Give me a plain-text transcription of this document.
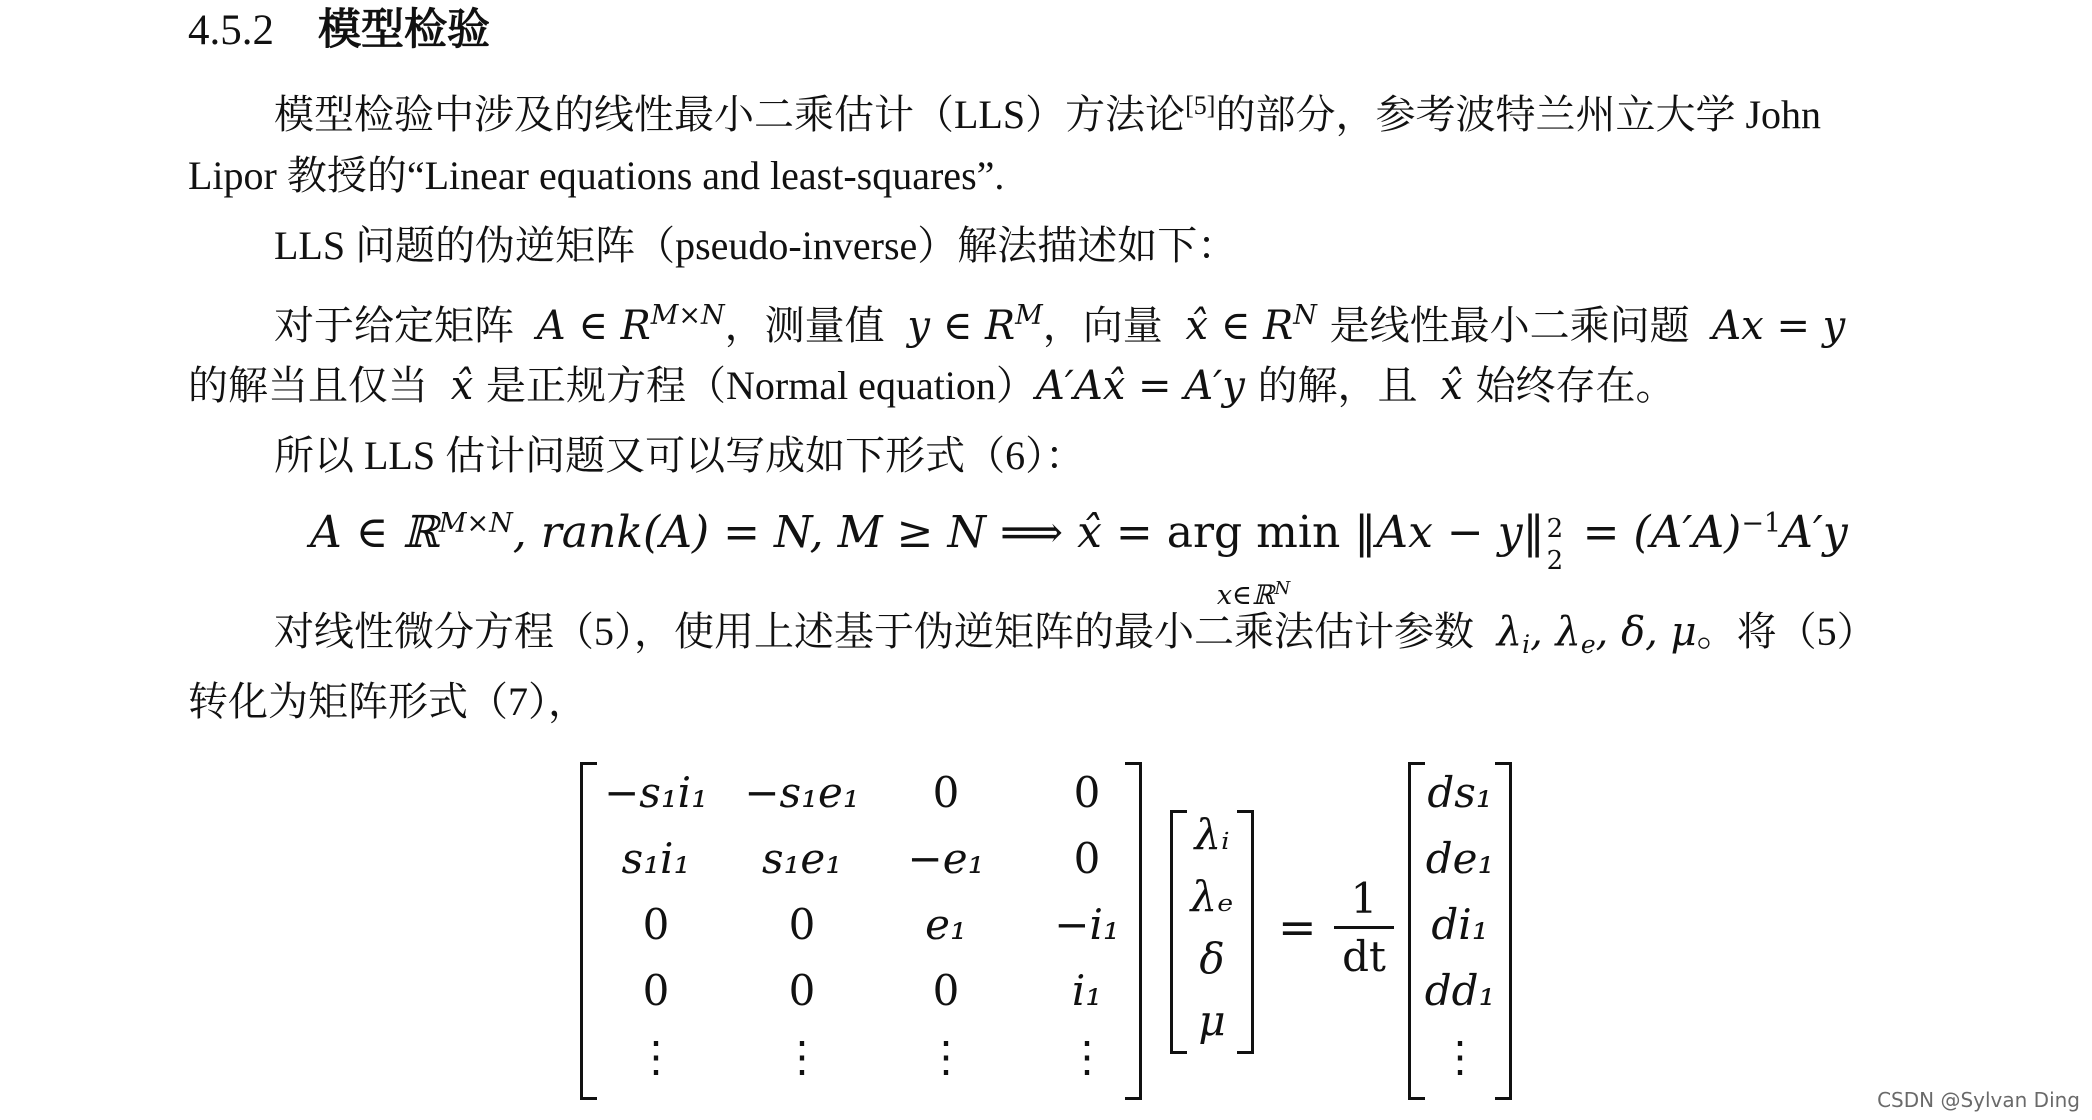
4.5.2 模型检验
模型检验中涉及的线性最小二乘估计（LLS）方法论[5]的部分，参考波特兰州立大学 John
Lipor 教授的“Linear equations and least-squares”.
LLS 问题的伪逆矩阵（pseudo-inverse）解法描述如下：
对于给定矩阵  A ∈ $R^{M\times N}$，测量值  y ∈ $R^M$，向量  x̂ ∈ $R^N$ 是线性最小二乘问题  Ax = y
的解当且仅当  x̂ 是正规方程（Normal equation）A′Ax̂ = A′y 的解，且  x̂ 始终存在。
所以 LLS 估计问题又可以写成如下形式（6）：
A ∈ ℝ$^{M\times N}$, rank(A) = N, M ≥ N ⟹ x̂ = arg min
x∈ℝ$^N$
‖Ax − y‖ 2
2
= $(A'A)^{-1}A'y$
对线性微分方程（5），使用上述基于伪逆矩阵的最小二乘法估计参数  $\lambda_i$, $\lambda_e$, δ, μ。将（5）
转化为矩阵形式（7），
−s₁i₁ −s₁e₁ 0	0
s₁i₁ s₁e₁ −e₁ 0
0	0	e₁ −i₁
0	0	0	i₁
⋮ ⋮ ⋮ ⋮
λᵢ
λₑ
δ
μ
=
1
dt
ds₁
de₁
di₁
dd₁
⋮
CSDN @Sylvan Ding
